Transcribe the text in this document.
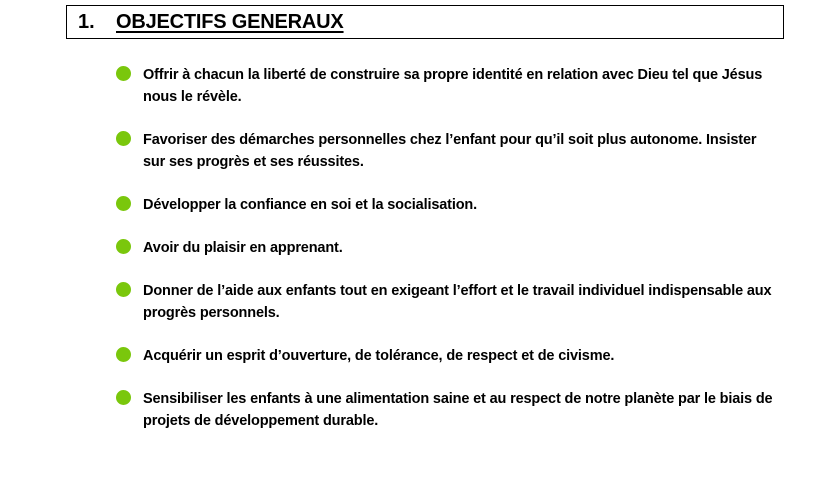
1.	OBJECTIFS GENERAUX
Offrir à chacun la liberté de construire sa propre identité en relation avec Dieu tel que Jésus nous le révèle.
Favoriser des démarches personnelles chez l’enfant pour qu’il soit plus autonome. Insister sur ses progrès et ses réussites.
Développer la confiance en soi et la socialisation.
Avoir du plaisir en apprenant.
Donner de l’aide aux enfants tout en exigeant l’effort et le travail individuel indispensable aux progrès personnels.
Acquérir un esprit d’ouverture, de tolérance, de respect et de civisme.
Sensibiliser les enfants à une alimentation saine et au respect de notre planète par le biais de projets de développement durable.
